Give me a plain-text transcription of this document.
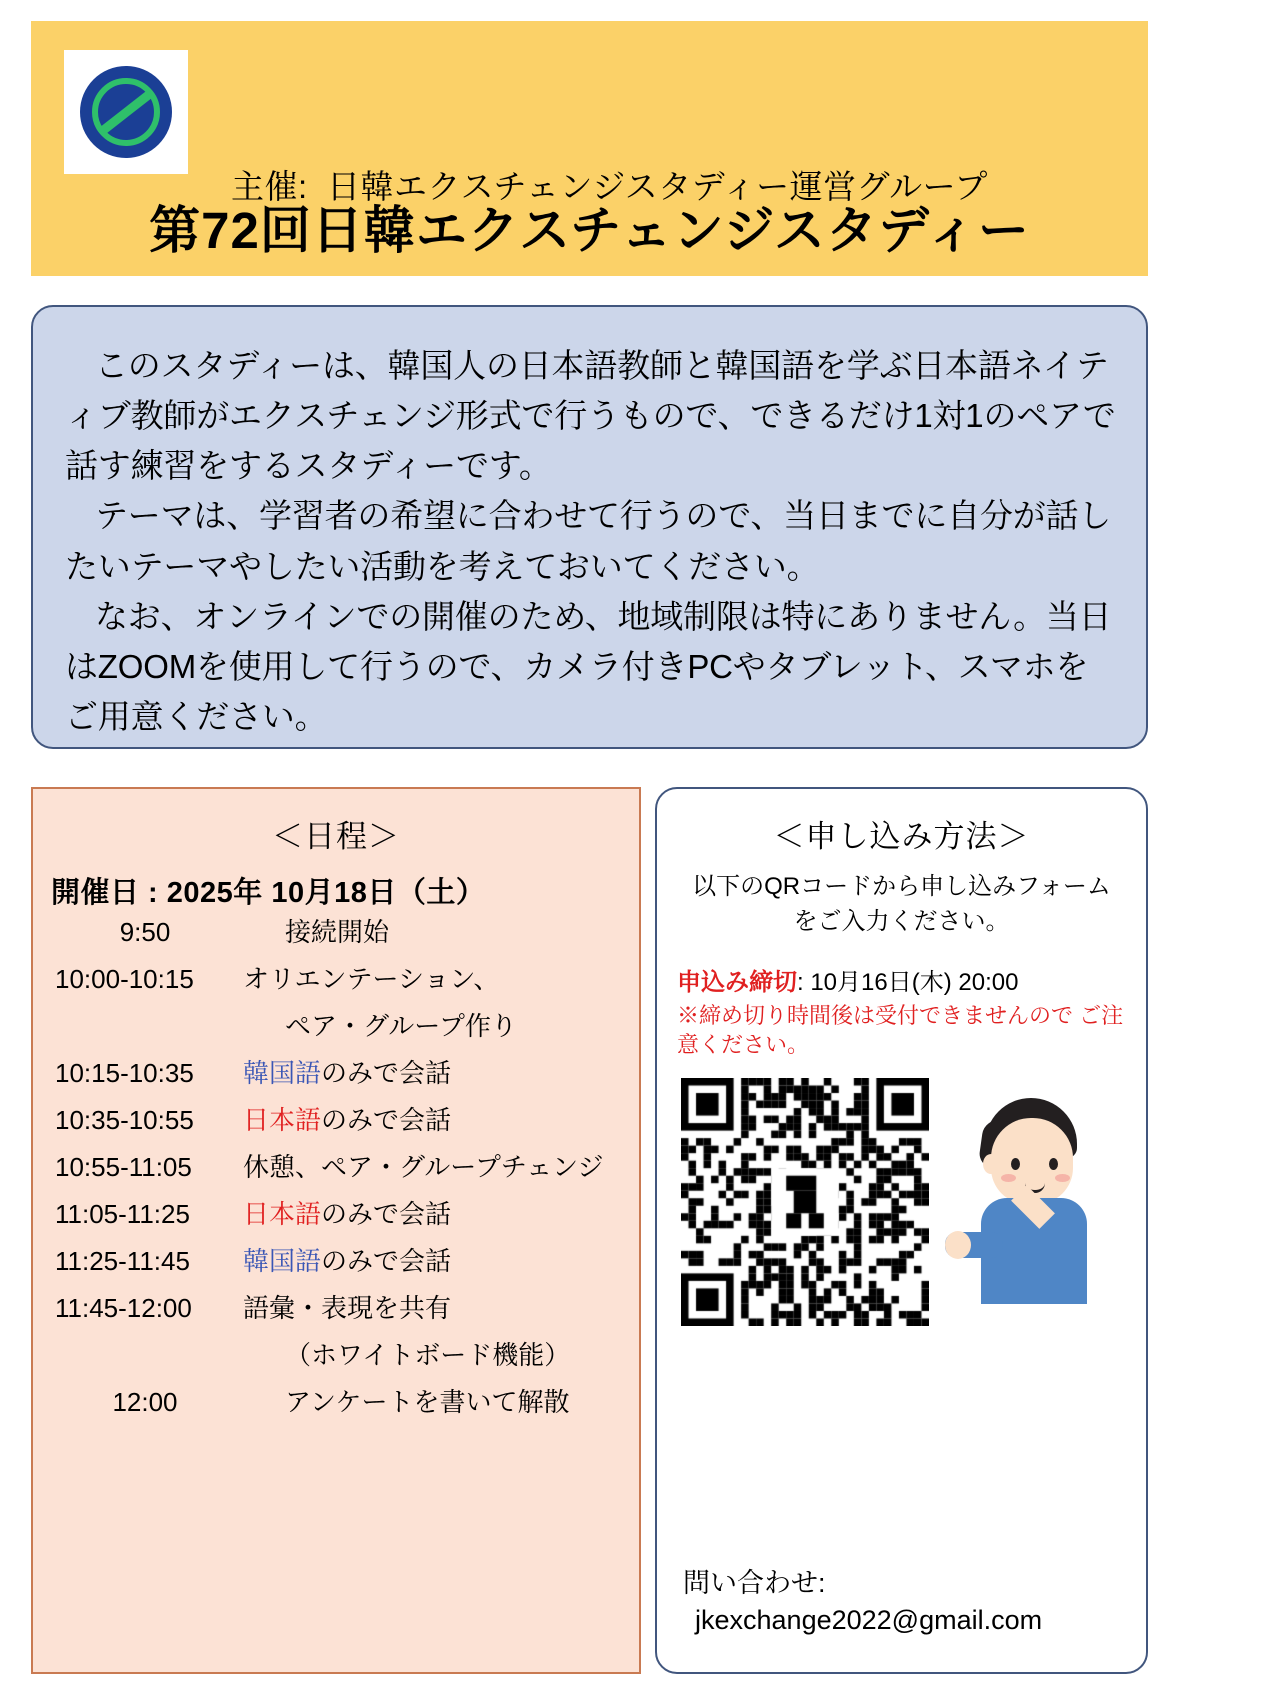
主催:  日韓エクスチェンジスタディー運営グループ

第72回日韓エクスチェンジスタディー

このスタディーは、韓国人の日本語教師と韓国語を学ぶ日本語ネイティブ教師がエクスチェンジ形式で行うもので、できるだけ1対1のペアで話す練習をするスタディーです。

テーマは、学習者の希望に合わせて行うので、当日までに自分が話したいテーマやしたい活動を考えておいてください。

なお、オンラインでの開催のため、地域制限は特にありません。当日はZOOMを使用して行うので、カメラ付きPCやタブレット、スマホをご用意ください。

＜日程＞
開催日 : 2025年 10月18日（土）
9:50	接続開始
10:00-10:15	オリエンテーション、
ペア・グループ作り
10:15-10:35	韓国語のみで会話
10:35-10:55	日本語のみで会話
10:55-11:05	休憩、ペア・グループチェンジ
11:05-11:25	日本語のみで会話
11:25-11:45	韓国語のみで会話
11:45-12:00	語彙・表現を共有
（ホワイトボード機能）
12:00	アンケートを書いて解散
＜申し込み方法＞
以下のQRコードから申し込みフォームをご入力ください。
申込み締切: 10月16日(木) 20:00
※締め切り時間後は受付できませんので ご注意ください。
問い合わせ:
jkexchange2022@gmail.com
